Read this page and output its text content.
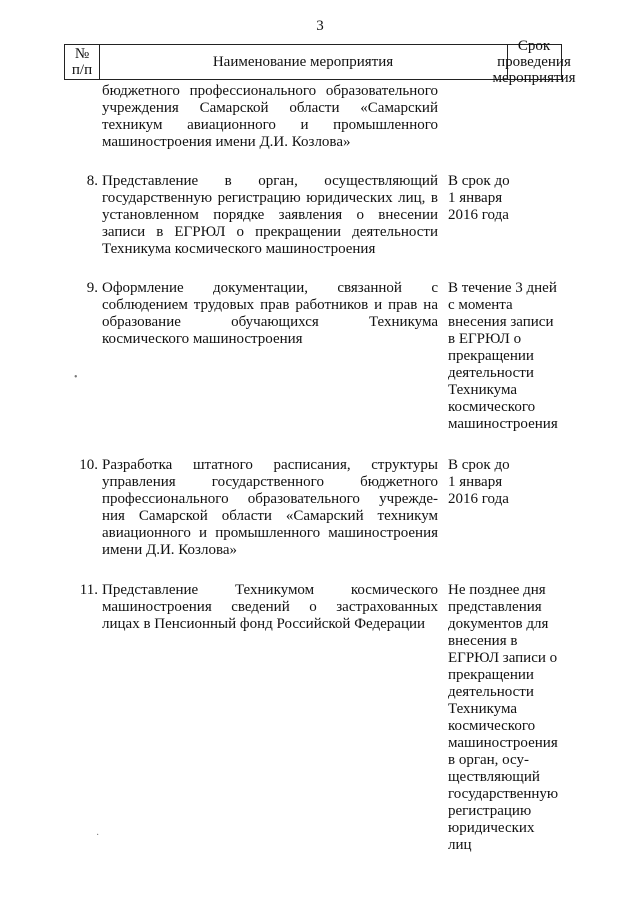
3
№
п/п	Наименование мероприятия
Срок проведения
мероприятия
бюджетного профессионального образовательного
учреждения Самарской области «Самарский
техникум авиационного и промышленного
машиностроения имени Д.И. Козлова»
8. Представление в орган, осуществляющий
государственную регистрацию юридических лиц, в
установленном порядке заявления о внесении
записи в ЕГРЮЛ о прекращении деятельности
Техникума космического машиностроения
В срок до
1 января
2016 года
9. Оформление документации, связанной с
соблюдением трудовых прав работников и прав на
образование обучающихся Техникума
космического машиностроения
В течение 3 дней
с момента
внесения записи
в ЕГРЮЛ о
прекращении
деятельности
Техникума
космического
машиностроения
10. Разработка штатного расписания, структуры
управления государственного бюджетного
профессионального образовательного учрежде-
ния Самарской области «Самарский техникум
авиационного и промышленного машиностроения
имени Д.И. Козлова»
В срок до
1 января
2016 года
11. Представление Техникумом космического
машиностроения сведений о застрахованных
лицах в Пенсионный фонд Российской Федерации
Не позднее дня
представления
документов для
внесения в
ЕГРЮЛ записи о
прекращении
деятельности
Техникума
космического
машиностроения
в орган, осу-
ществляющий
государственную
регистрацию
юридических
лиц
•
·
